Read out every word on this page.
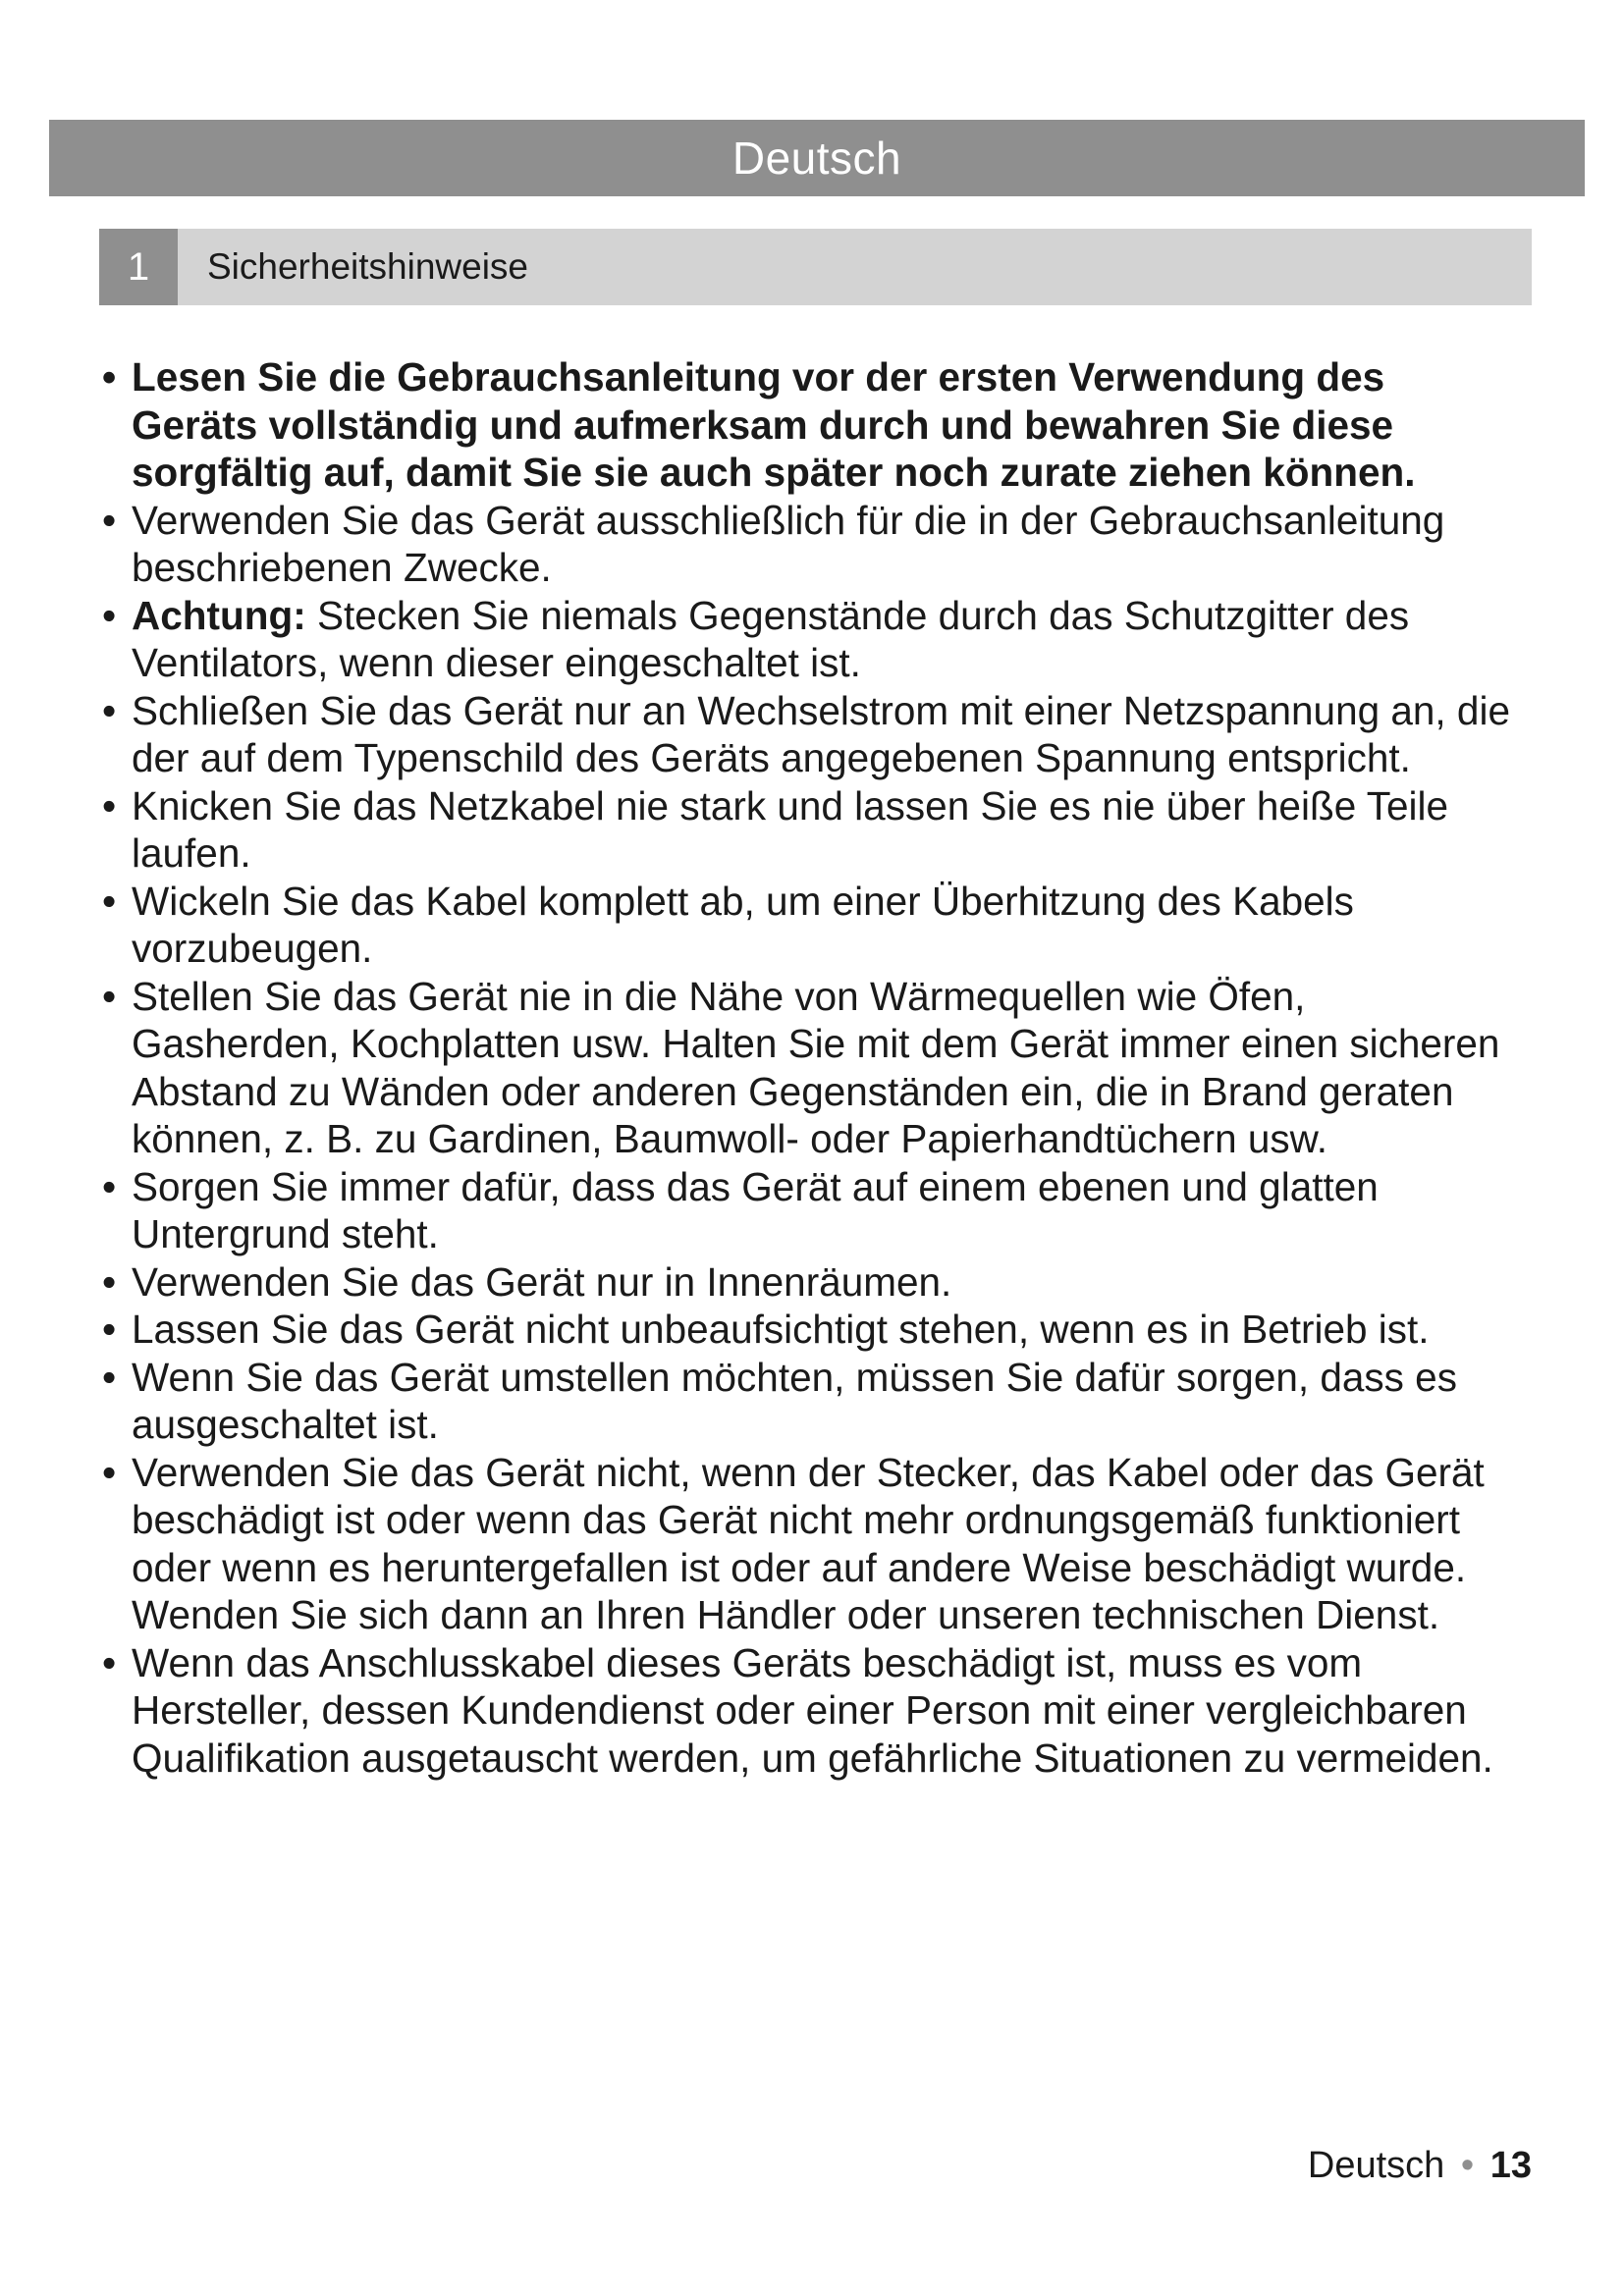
Deutsch
1	Sicherheitshinweise
• Lesen Sie die Gebrauchsanleitung vor der ersten Verwendung des Geräts vollständig und aufmerksam durch und bewahren Sie diese sorgfältig auf, damit Sie sie auch später noch zurate ziehen können.
• Verwenden Sie das Gerät ausschließlich für die in der Gebrauchsanleitung beschriebenen Zwecke.
• Achtung: Stecken Sie niemals Gegenstände durch das Schutzgitter des Ventilators, wenn dieser eingeschaltet ist.
• Schließen Sie das Gerät nur an Wechselstrom mit einer Netzspannung an, die der auf dem Typenschild des Geräts angegebenen Spannung entspricht.
• Knicken Sie das Netzkabel nie stark und lassen Sie es nie über heiße Teile laufen.
• Wickeln Sie das Kabel komplett ab, um einer Überhitzung des Kabels vorzubeugen.
• Stellen Sie das Gerät nie in die Nähe von Wärmequellen wie Öfen, Gasherden, Kochplatten usw. Halten Sie mit dem Gerät immer einen sicheren Abstand zu Wänden oder anderen Gegenständen ein, die in Brand geraten können, z. B. zu Gardinen, Baumwoll- oder Papierhandtüchern usw.
• Sorgen Sie immer dafür, dass das Gerät auf einem ebenen und glatten Untergrund steht.
• Verwenden Sie das Gerät nur in Innenräumen.
• Lassen Sie das Gerät nicht unbeaufsichtigt stehen, wenn es in Betrieb ist.
• Wenn Sie das Gerät umstellen möchten, müssen Sie dafür sorgen, dass es ausgeschaltet ist.
• Verwenden Sie das Gerät nicht, wenn der Stecker, das Kabel oder das Gerät beschädigt ist oder wenn das Gerät nicht mehr ordnungsgemäß funktioniert oder wenn es heruntergefallen ist oder auf andere Weise beschädigt wurde. Wenden Sie sich dann an Ihren Händler oder unseren technischen Dienst.
• Wenn das Anschlusskabel dieses Geräts beschädigt ist, muss es vom Hersteller, dessen Kundendienst oder einer Person mit einer vergleichbaren Qualifikation ausgetauscht werden, um gefährliche Situationen zu vermeiden.
Deutsch • 13
